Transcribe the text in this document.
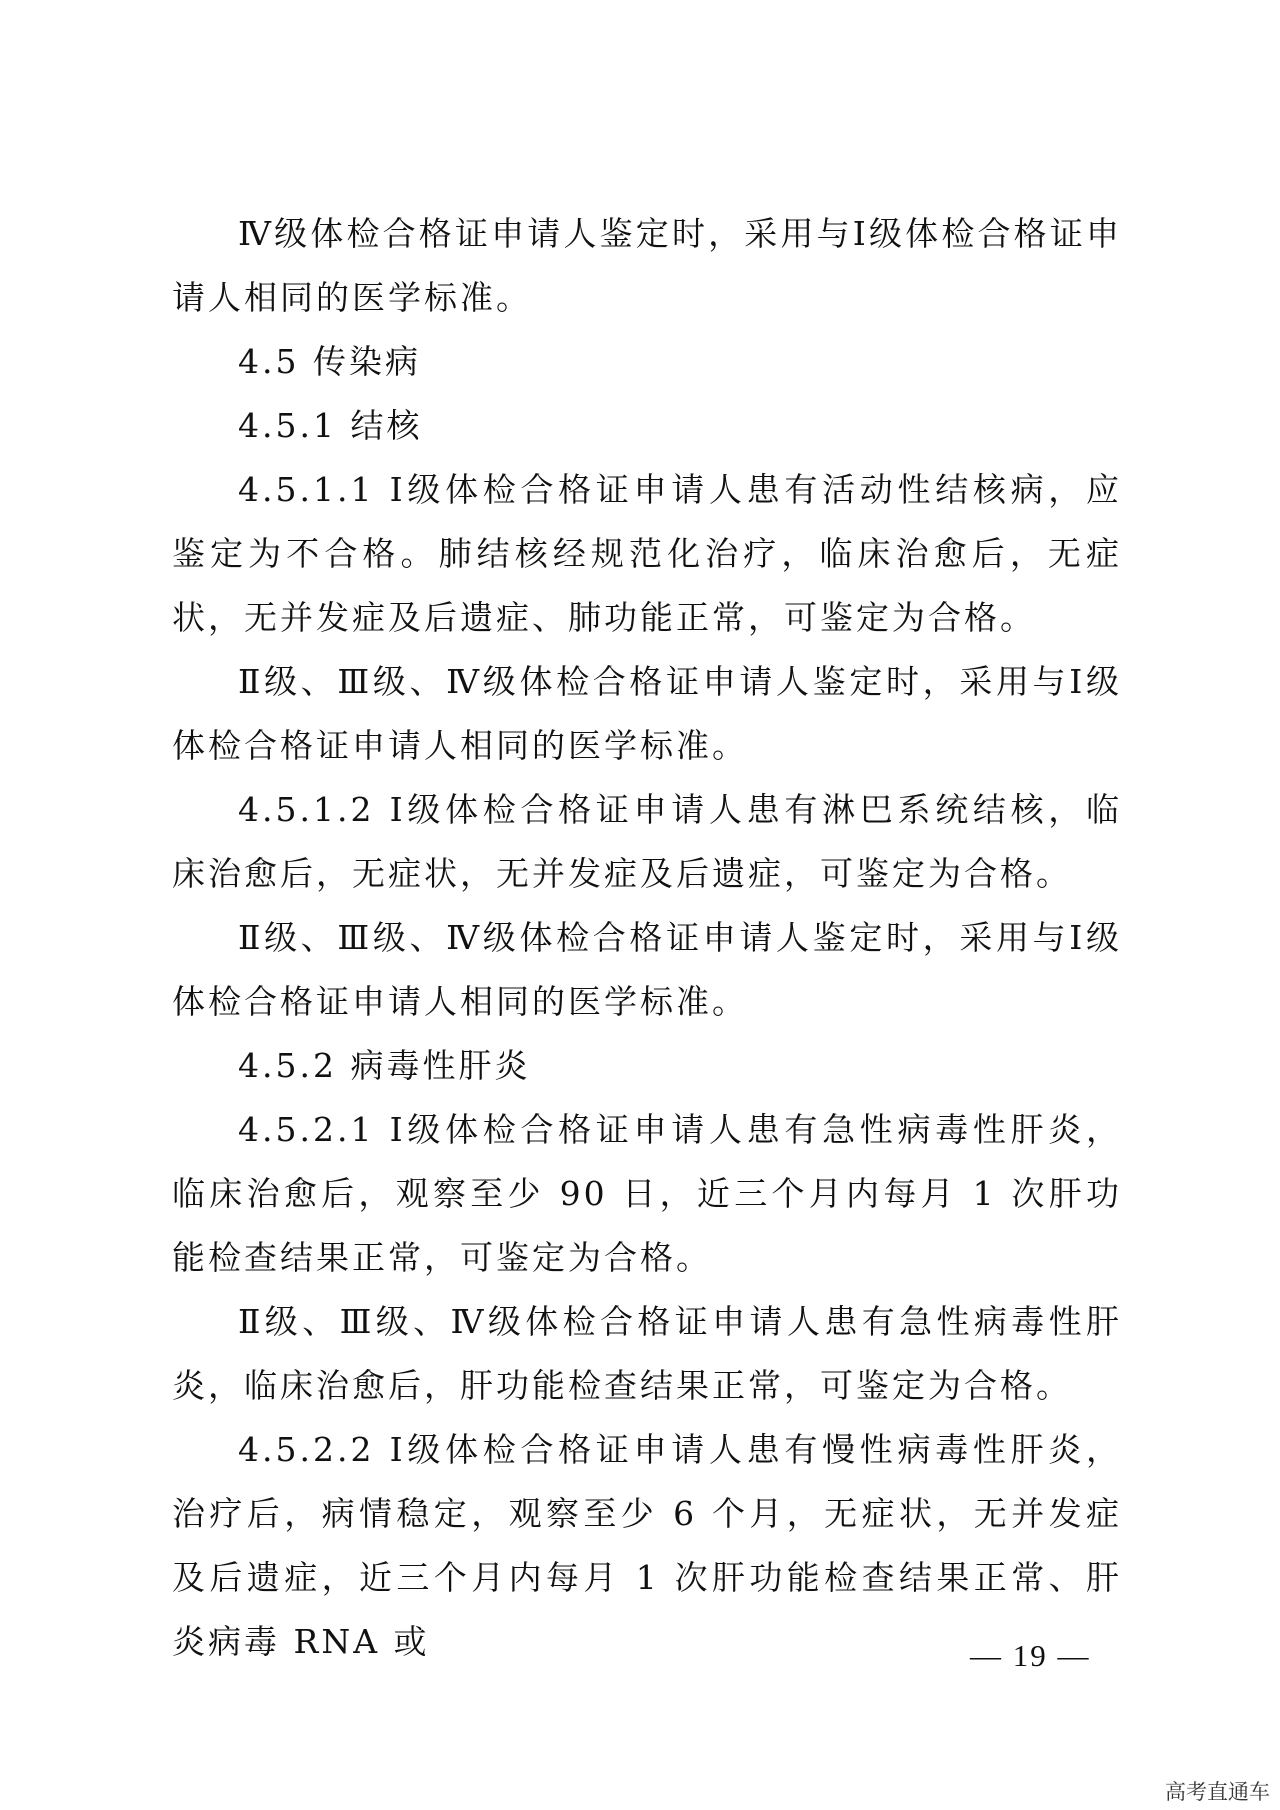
Ⅳ级体检合格证申请人鉴定时，采用与Ⅰ级体检合格证申请人相同的医学标准。

4.5 传染病

4.5.1 结核

4.5.1.1 Ⅰ级体检合格证申请人患有活动性结核病，应鉴定为不合格。肺结核经规范化治疗，临床治愈后，无症状，无并发症及后遗症、肺功能正常，可鉴定为合格。

Ⅱ级、Ⅲ级、Ⅳ级体检合格证申请人鉴定时，采用与Ⅰ级体检合格证申请人相同的医学标准。

4.5.1.2 Ⅰ级体检合格证申请人患有淋巴系统结核，临床治愈后，无症状，无并发症及后遗症，可鉴定为合格。

Ⅱ级、Ⅲ级、Ⅳ级体检合格证申请人鉴定时，采用与Ⅰ级体检合格证申请人相同的医学标准。

4.5.2 病毒性肝炎

4.5.2.1 Ⅰ级体检合格证申请人患有急性病毒性肝炎，临床治愈后，观察至少 90 日，近三个月内每月 1 次肝功能检查结果正常，可鉴定为合格。

Ⅱ级、Ⅲ级、Ⅳ级体检合格证申请人患有急性病毒性肝炎，临床治愈后，肝功能检查结果正常，可鉴定为合格。

4.5.2.2 Ⅰ级体检合格证申请人患有慢性病毒性肝炎，治疗后，病情稳定，观察至少 6 个月，无症状，无并发症及后遗症，近三个月内每月 1 次肝功能检查结果正常、肝炎病毒 RNA 或	— 19 —
高考直通车
